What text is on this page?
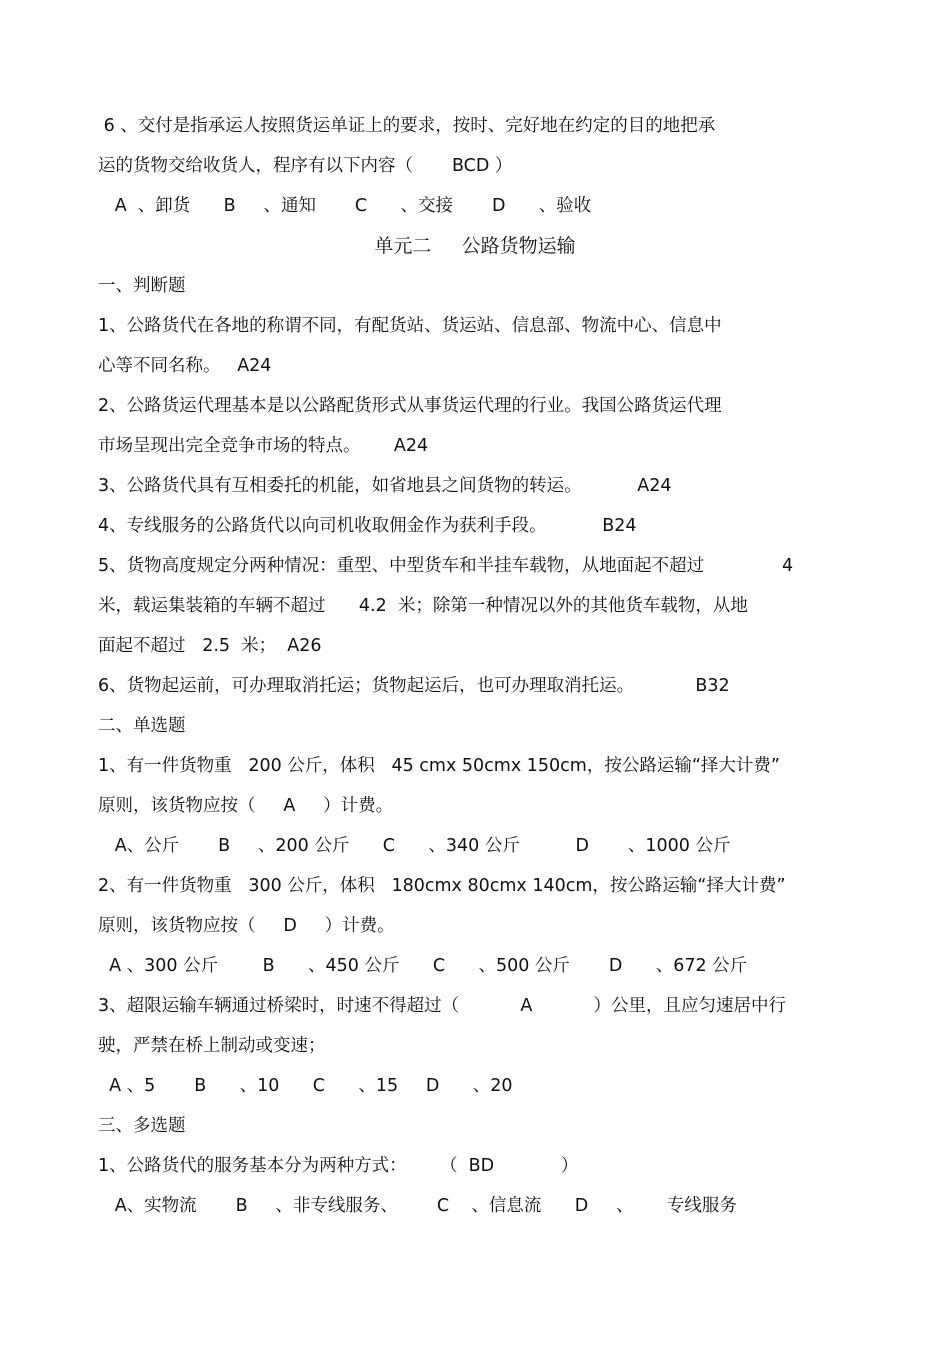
6 、交付是指承运人按照货运单证上的要求，按时、完好地在约定的目的地把承
运的货物交给收货人，程序有以下内容（       BCD ）
A  、卸货      B     、通知       C      、交接       D      、验收
单元二     公路货物运输
一、判断题
1、公路货代在各地的称谓不同，有配货站、货运站、信息部、物流中心、信息中
心等不同名称。   A24
2、公路货运代理基本是以公路配货形式从事货运代理的行业。我国公路货运代理
市场呈现出完全竞争市场的特点。      A24
3、公路货代具有互相委托的机能，如省地县之间货物的转运。          A24
4、专线服务的公路货代以向司机收取佣金作为获利手段。          B24
5、货物高度规定分两种情况：重型、中型货车和半挂车载物，从地面起不超过              4
米，载运集装箱的车辆不超过      4.2  米；除第一种情况以外的其他货车载物，从地
面起不超过   2.5  米；  A26
6、货物起运前，可办理取消托运；货物起运后，也可办理取消托运。           B32
二、单选题
1、有一件货物重   200 公斤，体积   45 cmx 50cmx 150cm，按公路运输“择大计费”
原则，该货物应按（     A     ）计费。
A、公斤       B     、200 公斤      C      、340 公斤          D       、1000 公斤
2、有一件货物重   300 公斤，体积   180cmx 80cmx 140cm，按公路运输“择大计费”
原则，该货物应按（     D     ）计费。
A 、300 公斤        B      、450 公斤      C      、500 公斤       D      、672 公斤
3、超限运输车辆通过桥梁时，时速不得超过（           A           ）公里，且应匀速居中行
驶，严禁在桥上制动或变速；
A 、5       B      、10      C      、15     D      、20
三、多选题
1、公路货代的服务基本分为两种方式：      （  BD            ）
A、实物流       B     、非专线服务、       C    、信息流      D     、      专线服务
